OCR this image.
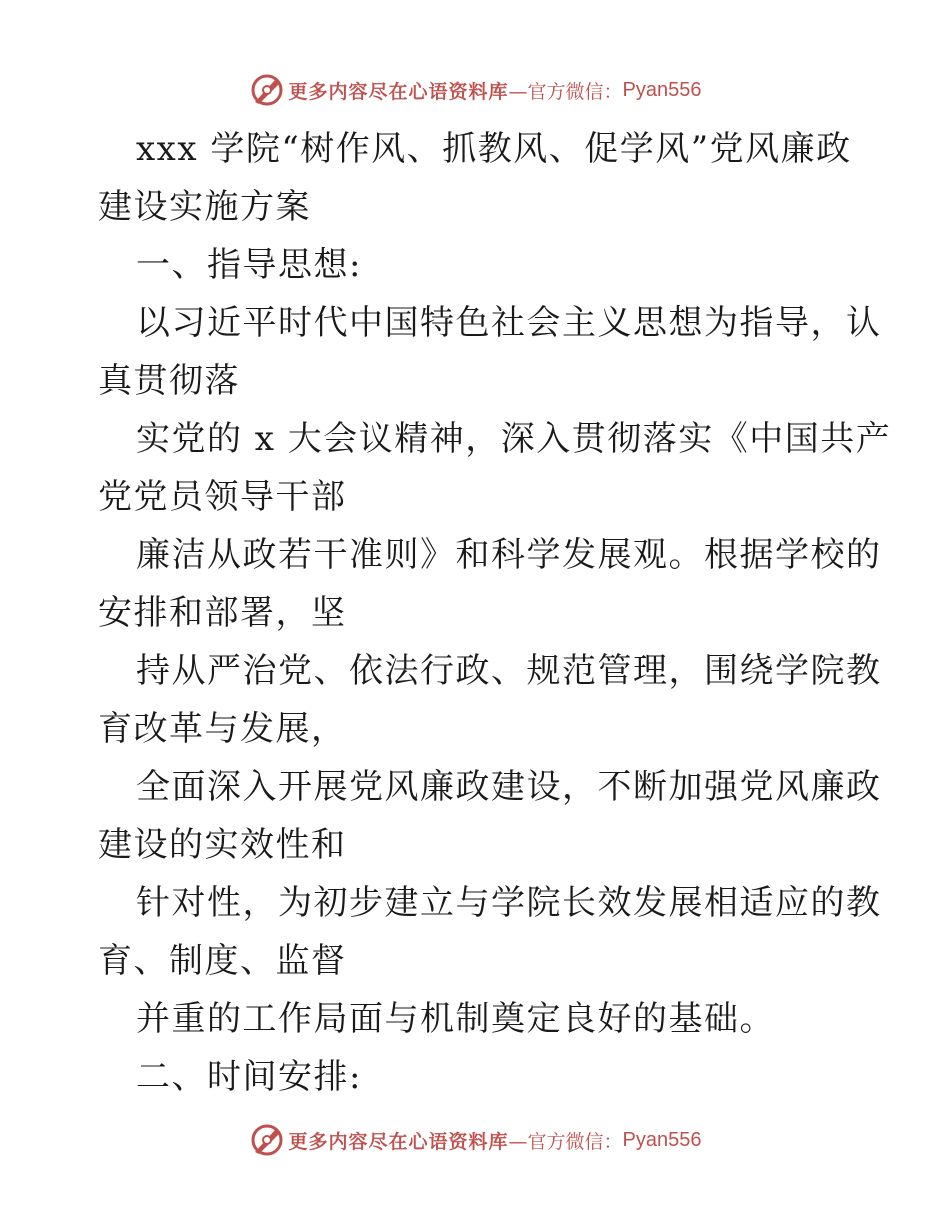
更多内容尽在心语资料库 —官方微信： Pyan556

xxx 学院“树作风、抓教风、促学风”党风廉政
建设实施方案

一、指导思想:

以习近平时代中国特色社会主义思想为指导，认
真贯彻落

实党的 x 大会议精神，深入贯彻落实《中国共产
党党员领导干部

廉洁从政若干准则》和科学发展观。根据学校的
安排和部署，坚

持从严治党、依法行政、规范管理，围绕学院教
育改革与发展，

全面深入开展党风廉政建设，不断加强党风廉政
建设的实效性和

针对性，为初步建立与学院长效发展相适应的教
育、制度、监督

并重的工作局面与机制奠定良好的基础。

二、时间安排:

更多内容尽在心语资料库 —官方微信： Pyan556
